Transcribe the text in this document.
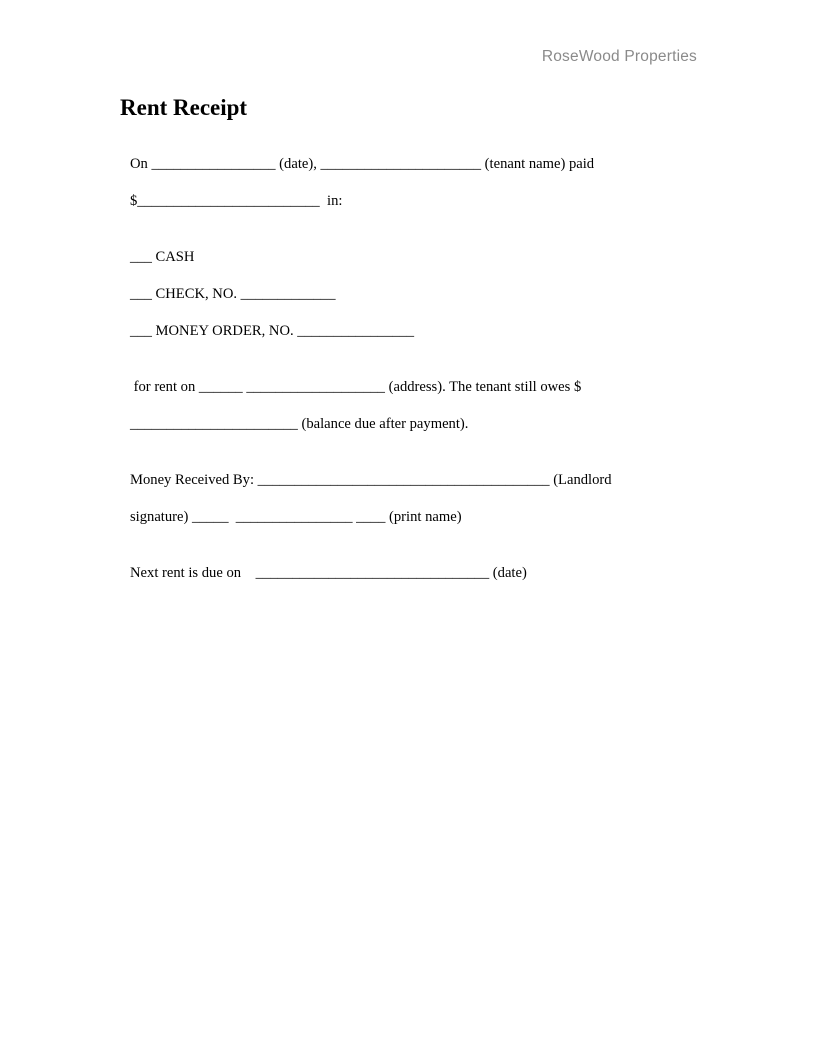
RoseWood Properties
Rent Receipt
On _________________ (date), ______________________ (tenant name) paid
$_________________________  in:
___ CASH
___ CHECK, NO. _____________
___ MONEY ORDER, NO. ________________
for rent on ______ ___________________ (address). The tenant still owes $
_______________________ (balance due after payment).
Money Received By: ________________________________________ (Landlord
signature) _____  ________________ ____ (print name)
Next rent is due on    ________________________________ (date)
